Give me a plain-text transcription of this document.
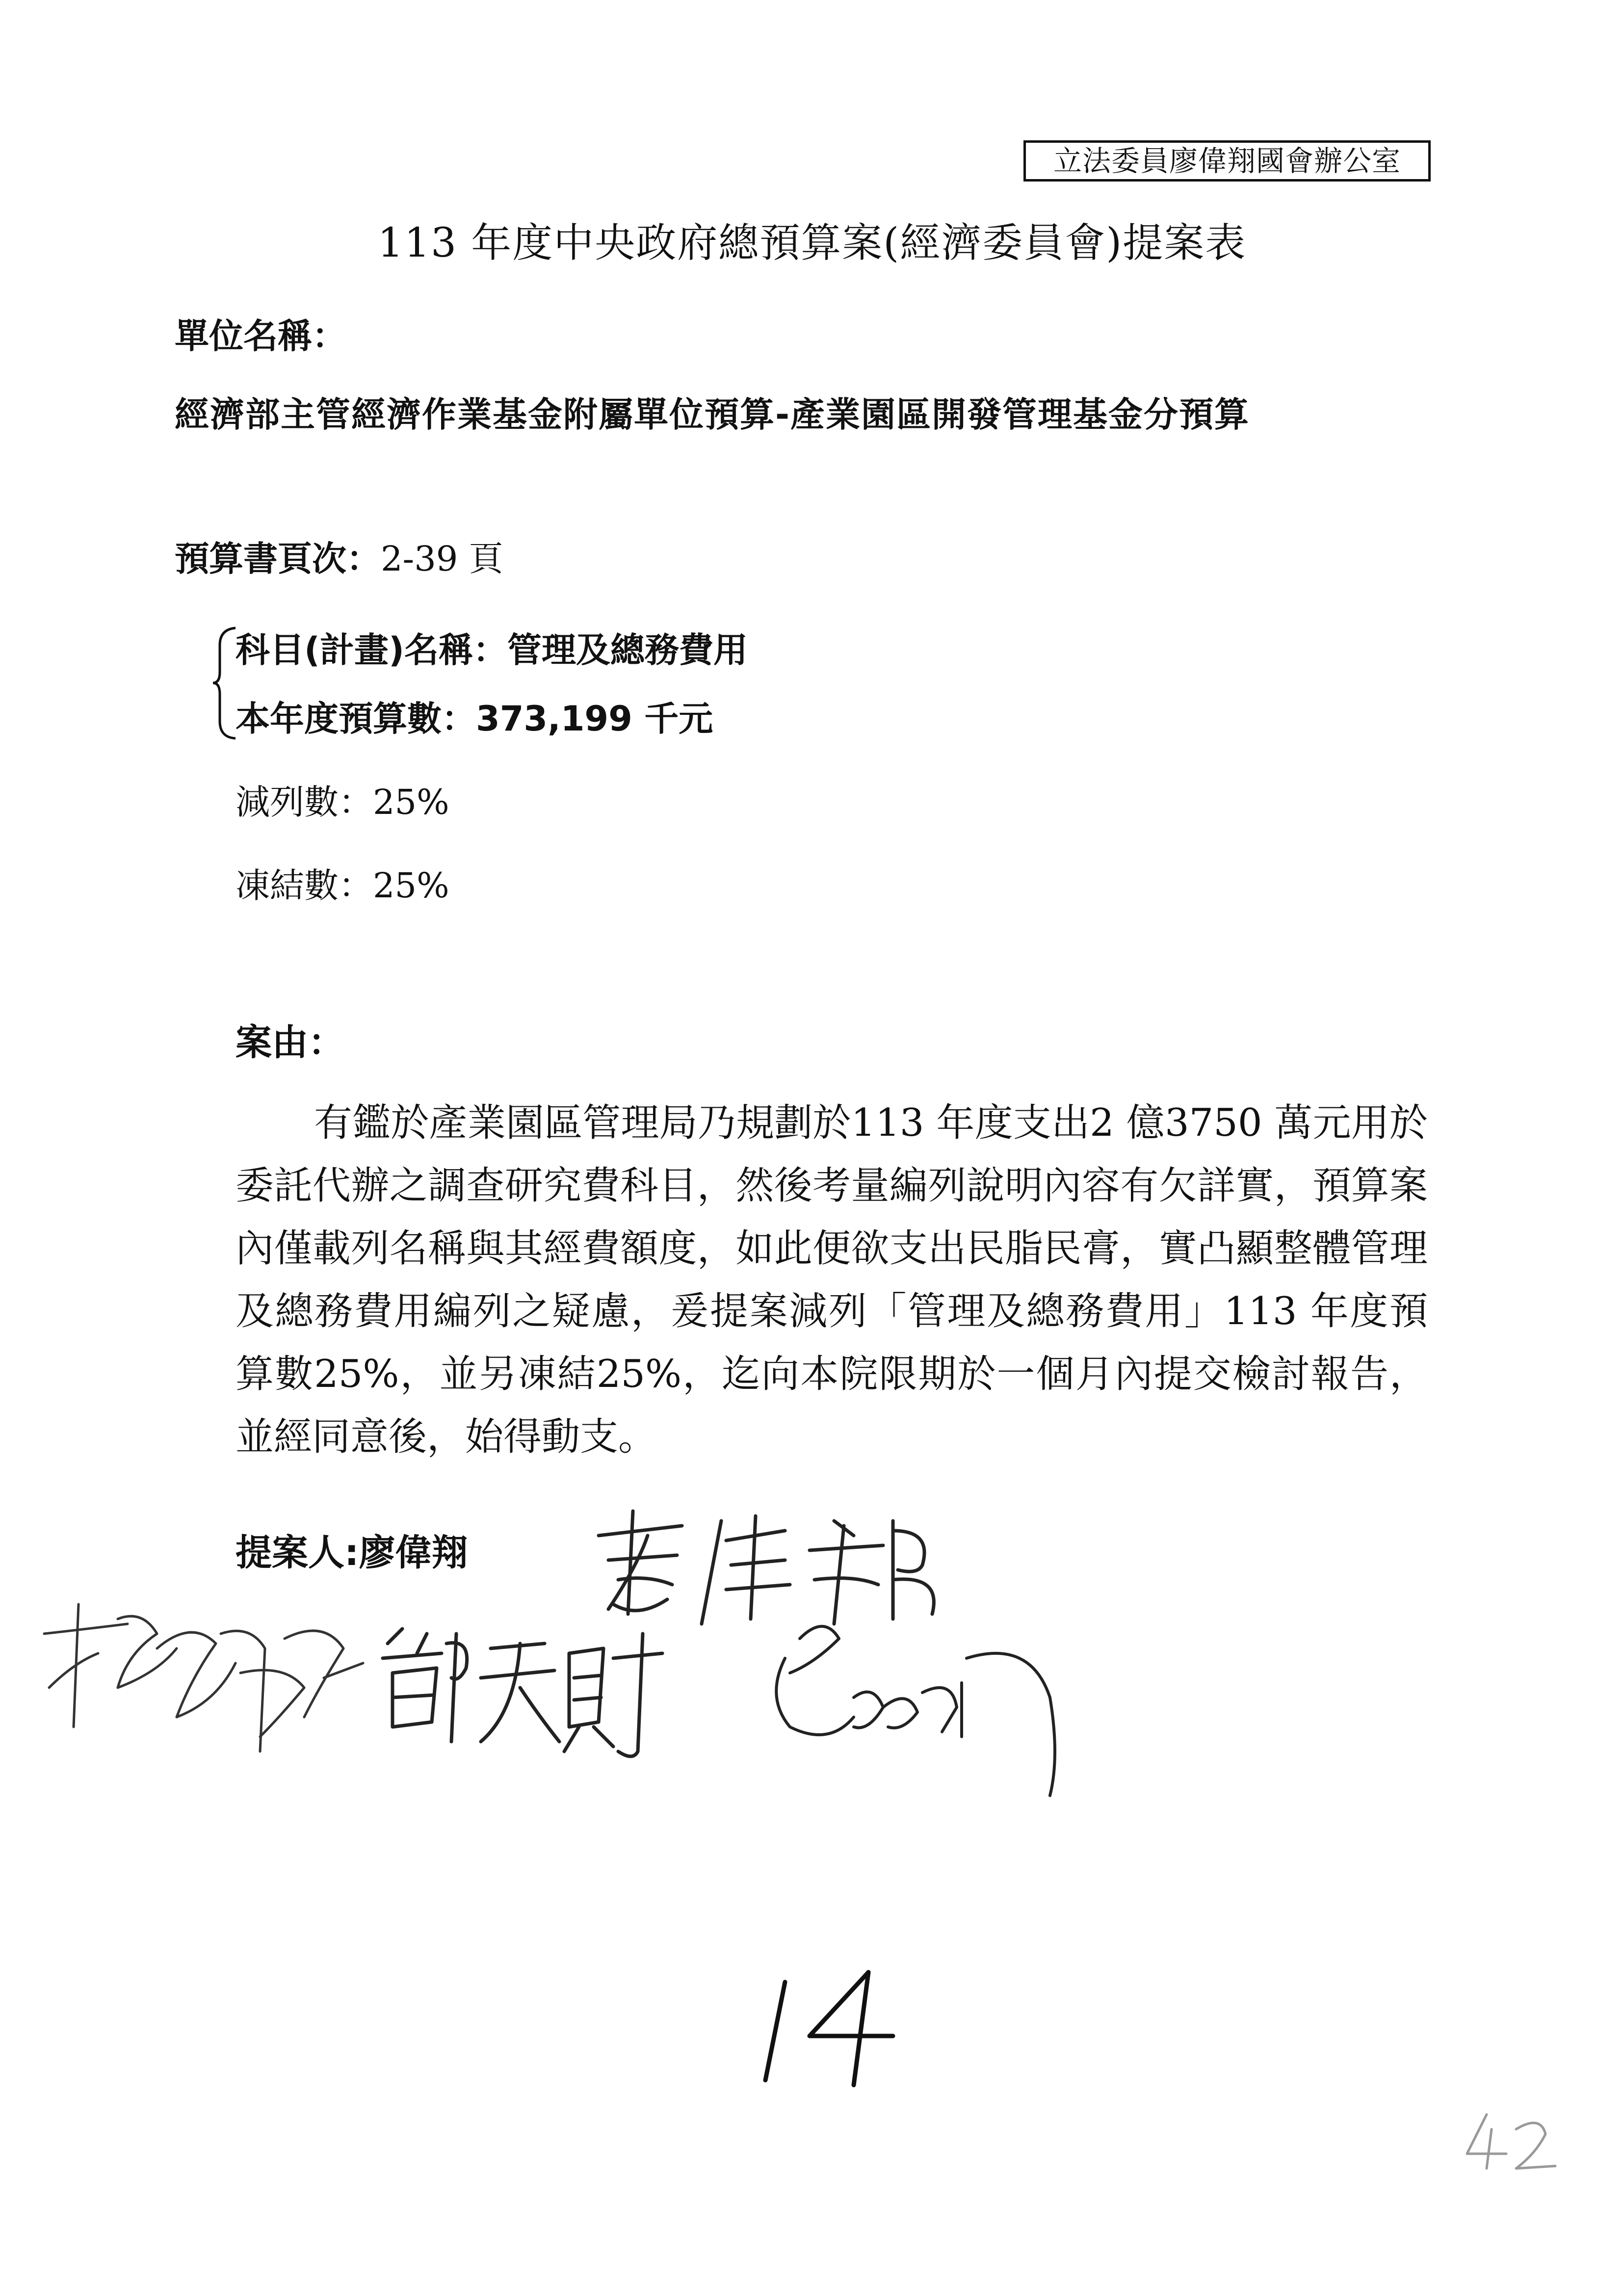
立法委員廖偉翔國會辦公室
113 年度中央政府總預算案(經濟委員會)提案表
單位名稱：
經濟部主管經濟作業基金附屬單位預算-產業園區開發管理基金分預算
預算書頁次：2-39 頁
科目(計畫)名稱：管理及總務費用
本年度預算數：373,199 千元
減列數：25%
凍結數：25%
案由：
有鑑於產業園區管理局乃規劃於113 年度支出2 億3750 萬元用於委託代辦之調查研究費科目，然後考量編列說明內容有欠詳實，預算案內僅載列名稱與其經費額度，如此便欲支出民脂民膏，實凸顯整體管理及總務費用編列之疑慮，爰提案減列「管理及總務費用」113 年度預算數25%，並另凍結25%，迄向本院限期於一個月內提交檢討報告，並經同意後，始得動支。
提案人:廖偉翔
